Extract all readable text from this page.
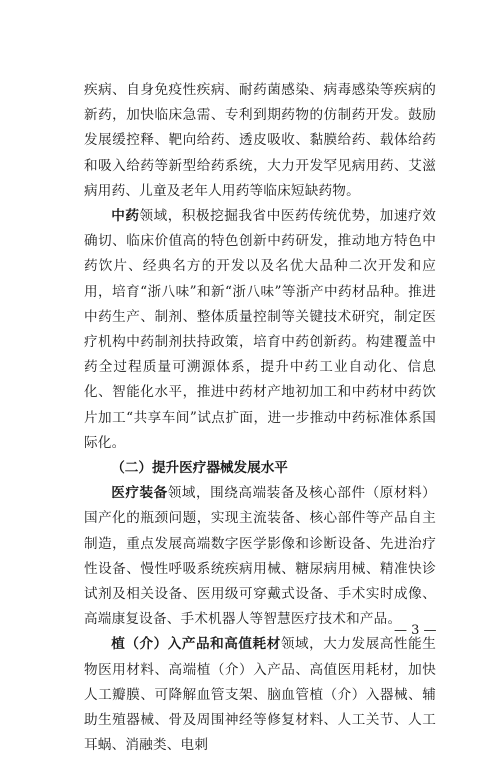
疾病、自身免疫性疾病、耐药菌感染、病毒感染等疾病的新药，加快临床急需、专利到期药物的仿制药开发。鼓励发展缓控释、靶向给药、透皮吸收、黏膜给药、载体给药和吸入给药等新型给药系统，大力开发罕见病用药、艾滋病用药、儿童及老年人用药等临床短缺药物。

中药领域，积极挖掘我省中医药传统优势，加速疗效确切、临床价值高的特色创新中药研发，推动地方特色中药饮片、经典名方的开发以及名优大品种二次开发和应用，培育“浙八味”和新“浙八味”等浙产中药材品种。推进中药生产、制剂、整体质量控制等关键技术研究，制定医疗机构中药制剂扶持政策，培育中药创新药。构建覆盖中药全过程质量可溯源体系，提升中药工业自动化、信息化、智能化水平，推进中药材产地初加工和中药材中药饮片加工“共享车间”试点扩面，进一步推动中药标准体系国际化。

（二）提升医疗器械发展水平

医疗装备领域，围绕高端装备及核心部件（原材料）国产化的瓶颈问题，实现主流装备、核心部件等产品自主制造，重点发展高端数字医学影像和诊断设备、先进治疗性设备、慢性呼吸系统疾病用械、糖尿病用械、精准快诊试剂及相关设备、医用级可穿戴式设备、手术实时成像、高端康复设备、手术机器人等智慧医疗技术和产品。

植（介）入产品和高值耗材领域，大力发展高性能生物医用材料、高端植（介）入产品、高值医用耗材，加快人工瓣膜、可降解血管支架、脑血管植（介）入器械、辅助生殖器械、骨及周围神经等修复材料、人工关节、人工耳蜗、消融类、电刺

— 3 —
